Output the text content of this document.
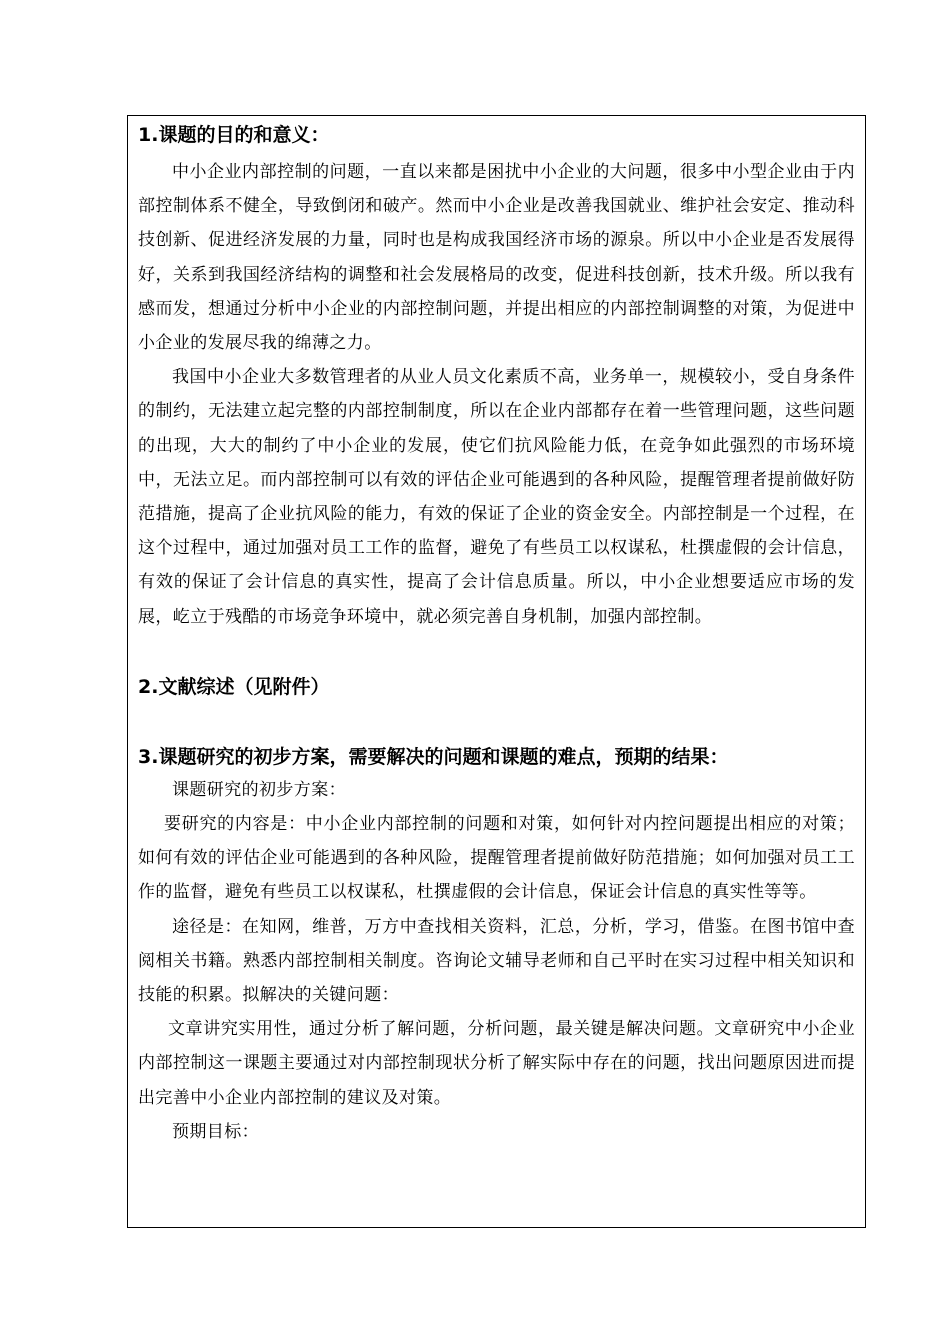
1.课题的目的和意义：

中小企业内部控制的问题，一直以来都是困扰中小企业的大问题，很多中小型企业由于内部控制体系不健全，导致倒闭和破产。然而中小企业是改善我国就业、维护社会安定、推动科技创新、促进经济发展的力量，同时也是构成我国经济市场的源泉。所以中小企业是否发展得好，关系到我国经济结构的调整和社会发展格局的改变，促进科技创新，技术升级。所以我有感而发，想通过分析中小企业的内部控制问题，并提出相应的内部控制调整的对策，为促进中小企业的发展尽我的绵薄之力。

我国中小企业大多数管理者的从业人员文化素质不高，业务单一，规模较小，受自身条件的制约，无法建立起完整的内部控制制度，所以在企业内部都存在着一些管理问题，这些问题的出现，大大的制约了中小企业的发展，使它们抗风险能力低，在竞争如此强烈的市场环境中，无法立足。而内部控制可以有效的评估企业可能遇到的各种风险，提醒管理者提前做好防范措施，提高了企业抗风险的能力，有效的保证了企业的资金安全。内部控制是一个过程，在这个过程中，通过加强对员工工作的监督，避免了有些员工以权谋私，杜撰虚假的会计信息，有效的保证了会计信息的真实性，提高了会计信息质量。所以，中小企业想要适应市场的发展，屹立于残酷的市场竞争环境中，就必须完善自身机制，加强内部控制。

2.文献综述（见附件）

3.课题研究的初步方案，需要解决的问题和课题的难点，预期的结果：

课题研究的初步方案：

要研究的内容是：中小企业内部控制的问题和对策，如何针对内控问题提出相应的对策；如何有效的评估企业可能遇到的各种风险，提醒管理者提前做好防范措施；如何加强对员工工作的监督，避免有些员工以权谋私，杜撰虚假的会计信息，保证会计信息的真实性等等。

途径是：在知网，维普，万方中查找相关资料，汇总，分析，学习，借鉴。在图书馆中查阅相关书籍。熟悉内部控制相关制度。咨询论文辅导老师和自己平时在实习过程中相关知识和技能的积累。拟解决的关键问题：

文章讲究实用性，通过分析了解问题，分析问题，最关键是解决问题。文章研究中小企业内部控制这一课题主要通过对内部控制现状分析了解实际中存在的问题，找出问题原因进而提出完善中小企业内部控制的建议及对策。

预期目标：
